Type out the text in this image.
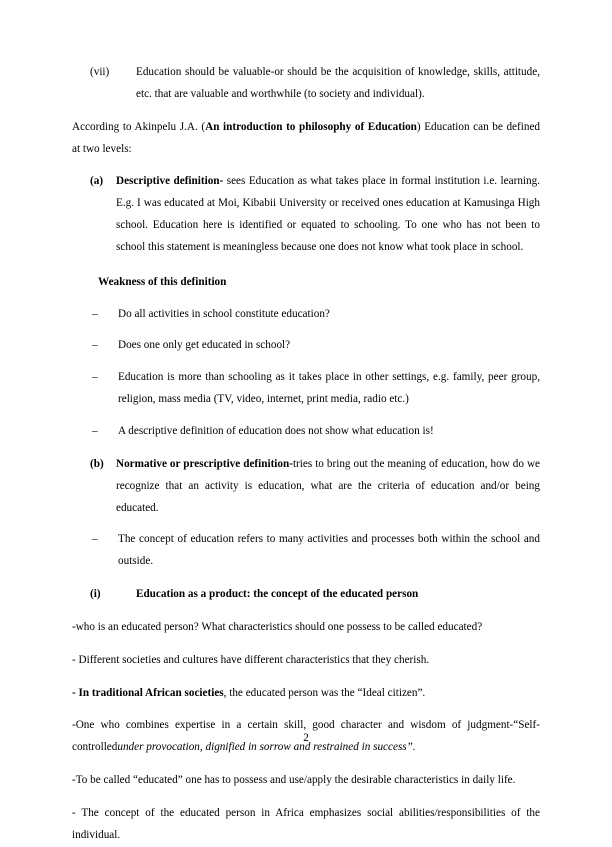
(vii)	Education should be valuable-or should be the acquisition of knowledge, skills, attitude, etc. that are valuable and worthwhile (to society and individual).

According to Akinpelu J.A. (An introduction to philosophy of Education) Education can be defined at two levels:

(a)	Descriptive definition- sees Education as what takes place in formal institution i.e. learning. E.g. I was educated at Moi, Kibabii University or received ones education at Kamusinga High school. Education here is identified or equated to schooling. To one who has not been to school this statement is meaningless because one does not know what took place in school.
Weakness of this definition
–	Do all activities in school constitute education?
–	Does one only get educated in school?
–	Education is more than schooling as it takes place in other settings, e.g. family, peer group, religion, mass media (TV, video, internet, print media, radio etc.)
–	A descriptive definition of education does not show what education is!
(b)	Normative or prescriptive definition-tries to bring out the meaning of education, how do we recognize that an activity is education, what are the criteria of education and/or being educated.
–	The concept of education refers to many activities and processes both within the school and outside.
(i)	Education as a product: the concept of the educated person

-who is an educated person? What characteristics should one possess to be called educated?

- Different societies and cultures have different characteristics that they cherish.

- In traditional African societies, the educated person was the “Ideal citizen”.

-One who combines expertise in a certain skill, good character and wisdom of judgment-“Self-controlledunder provocation, dignified in sorrow and restrained in success”.

-To be called “educated” one has to possess and use/apply the desirable characteristics in daily life.

- The concept of the educated person in Africa emphasizes social abilities/responsibilities of the individual.

2
